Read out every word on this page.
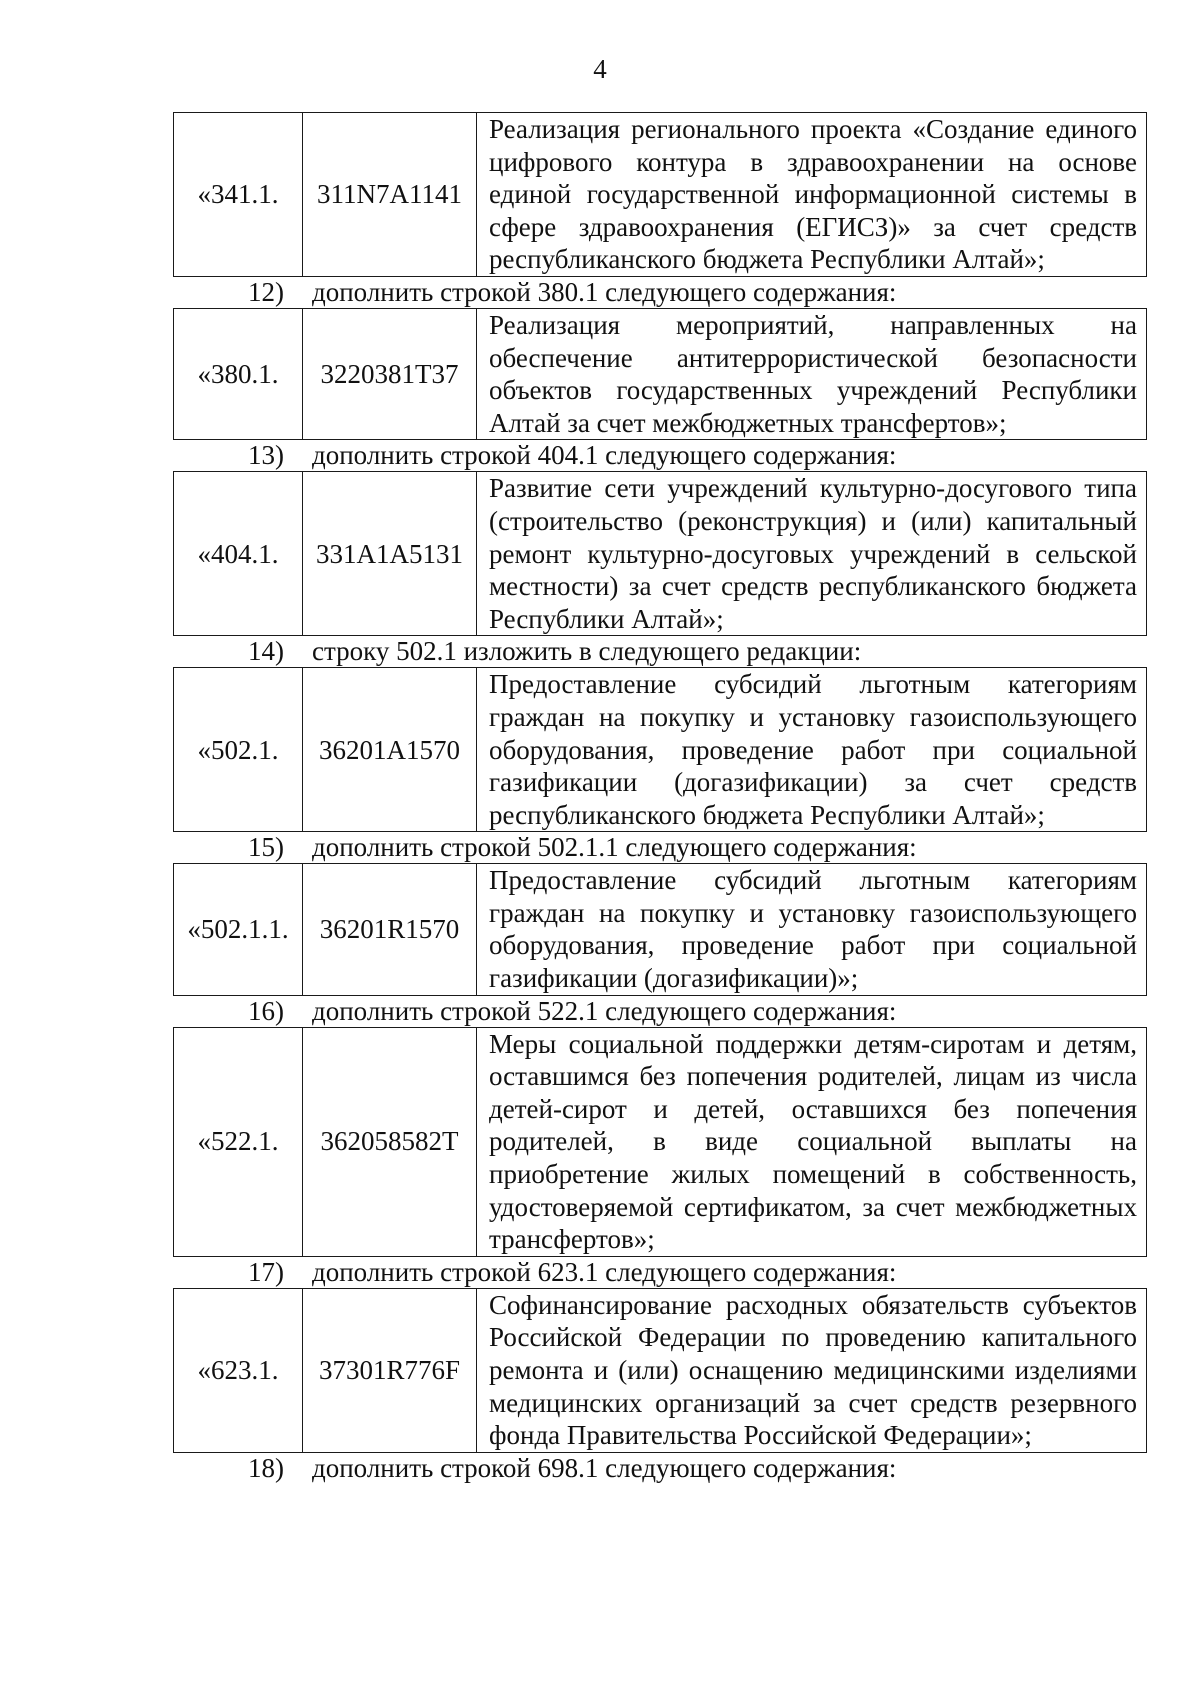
4
«341.1.	311N7A1141	Реализация регионального проекта «Создание единого цифрового контура в здравоохранении на основе единой государственной информационной системы в сфере здравоохранения (ЕГИСЗ)» за счет средств республиканского бюджета Республики Алтай»;
12) дополнить строкой 380.1 следующего содержания:
«380.1.	3220381Т37	Реализация мероприятий, направленных на обеспечение антитеррористической безопасности объектов государственных учреждений Республики Алтай за счет межбюджетных трансфертов»;
13) дополнить строкой 404.1 следующего содержания:
«404.1.	331А1А5131	Развитие сети учреждений культурно-досугового типа (строительство (реконструкция) и (или) капитальный ремонт культурно-досуговых учреждений в сельской местности) за счет средств республиканского бюджета Республики Алтай»;
14) строку 502.1 изложить в следующего редакции:
«502.1.	36201А1570	Предоставление субсидий льготным категориям граждан на покупку и установку газоиспользующего оборудования, проведение работ при социальной газификации (догазификации) за счет средств республиканского бюджета Республики Алтай»;
15) дополнить строкой 502.1.1 следующего содержания:
«502.1.1.	36201R1570	Предоставление субсидий льготным категориям граждан на покупку и установку газоиспользующего оборудования, проведение работ при социальной газификации (догазификации)»;
16) дополнить строкой 522.1 следующего содержания:
«522.1.	362058582Т	Меры социальной поддержки детям-сиротам и детям, оставшимся без попечения родителей, лицам из числа детей-сирот и детей, оставшихся без попечения родителей, в виде социальной выплаты на приобретение жилых помещений в собственность, удостоверяемой сертификатом, за счет межбюджетных трансфертов»;
17) дополнить строкой 623.1 следующего содержания:
«623.1.	37301R776F	Софинансирование расходных обязательств субъектов Российской Федерации по проведению капитального ремонта и (или) оснащению медицинскими изделиями медицинских организаций за счет средств резервного фонда Правительства Российской Федерации»;
18) дополнить строкой 698.1 следующего содержания:
